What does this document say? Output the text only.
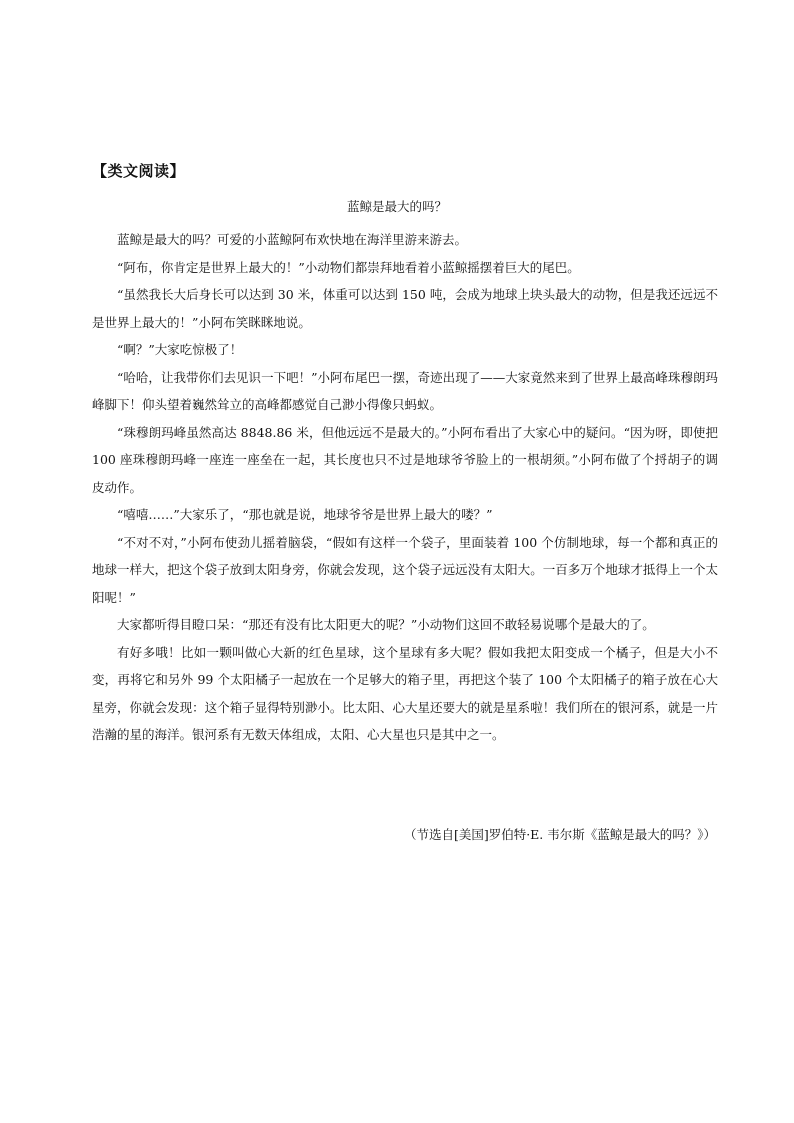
【类文阅读】
蓝鲸是最大的吗？

蓝鲸是最大的吗？可爱的小蓝鲸阿布欢快地在海洋里游来游去。

“阿布，你肯定是世界上最大的！”小动物们都崇拜地看着小蓝鲸摇摆着巨大的尾巴。

“虽然我长大后身长可以达到 30 米，体重可以达到 150 吨，会成为地球上块头最大的动物，但是我还远远不是世界上最大的！”小阿布笑眯眯地说。

“啊？”大家吃惊极了！

“哈哈，让我带你们去见识一下吧！”小阿布尾巴一摆，奇迹出现了——大家竟然来到了世界上最高峰珠穆朗玛峰脚下！仰头望着巍然耸立的高峰都感觉自己渺小得像只蚂蚁。

“珠穆朗玛峰虽然高达 8848.86 米，但他远远不是最大的。”小阿布看出了大家心中的疑问。“因为呀，即使把 100 座珠穆朗玛峰一座连一座垒在一起，其长度也只不过是地球爷爷脸上的一根胡须。”小阿布做了个捋胡子的调皮动作。

“嘻嘻……”大家乐了，“那也就是说，地球爷爷是世界上最大的喽？”

“不对不对，”小阿布使劲儿摇着脑袋，“假如有这样一个袋子，里面装着 100 个仿制地球，每一个都和真正的地球一样大，把这个袋子放到太阳身旁，你就会发现，这个袋子远远没有太阳大。一百多万个地球才抵得上一个太阳呢！”

大家都听得目瞪口呆：“那还有没有比太阳更大的呢？”小动物们这回不敢轻易说哪个是最大的了。

有好多哦！比如一颗叫做心大新的红色星球，这个星球有多大呢？假如我把太阳变成一个橘子，但是大小不变，再将它和另外 99 个太阳橘子一起放在一个足够大的箱子里，再把这个装了 100 个太阳橘子的箱子放在心大星旁，你就会发现：这个箱子显得特别渺小。比太阳、心大星还要大的就是星系啦！我们所在的银河系，就是一片浩瀚的星的海洋。银河系有无数天体组成，太阳、心大星也只是其中之一。

（节选自[美国]罗伯特·E. 韦尔斯《蓝鲸是最大的吗？》）
